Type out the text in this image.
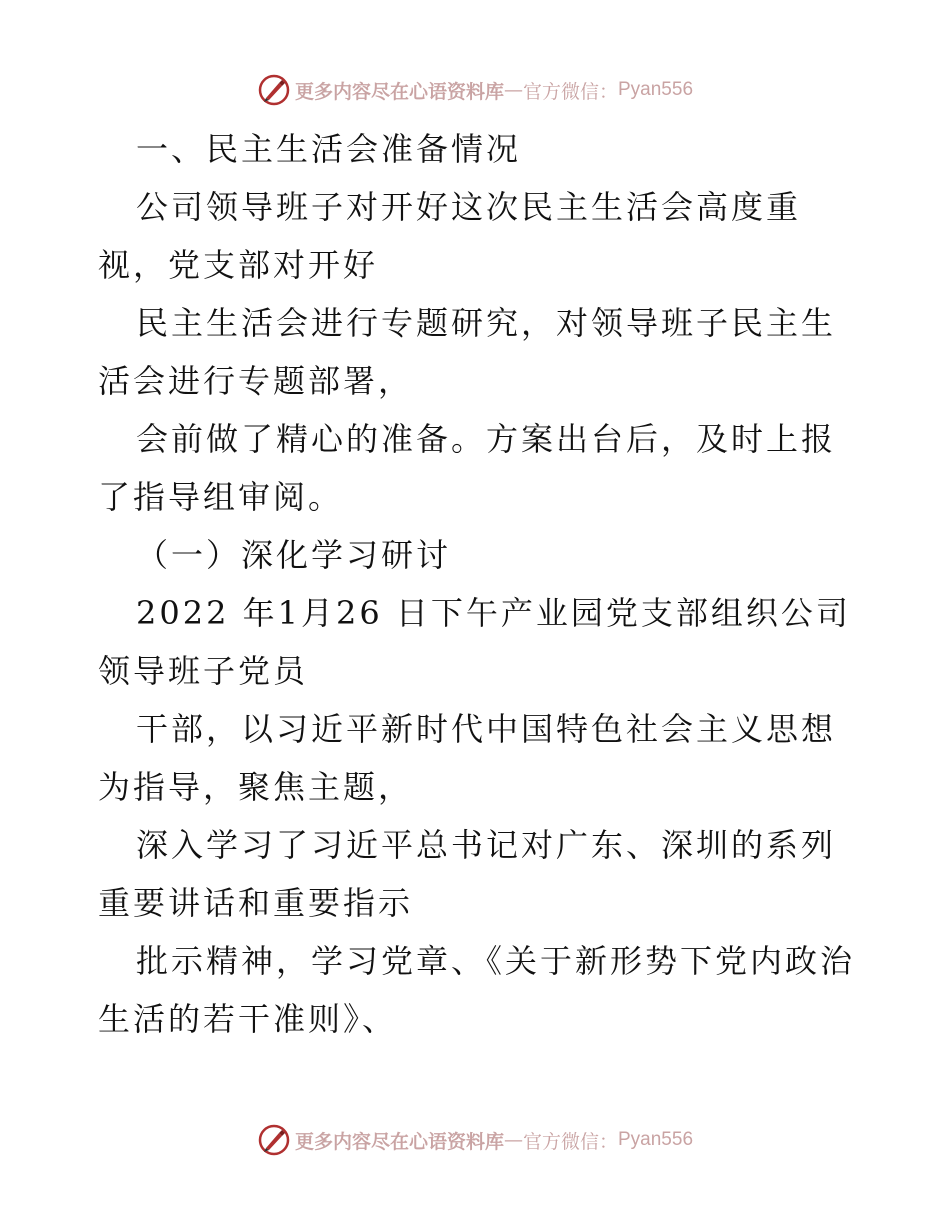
更多内容尽在心语资料库 — 官方微信： Pyan556

一、民主生活会准备情况

公司领导班子对开好这次民主生活会高度重视，党支部对开好

民主生活会进行专题研究，对领导班子民主生活会进行专题部署，

会前做了精心的准备。方案出台后，及时上报了指导组审阅。

（一）深化学习研讨

2022 年1月26 日下午产业园党支部组织公司领导班子党员

干部，以习近平新时代中国特色社会主义思想为指导，聚焦主题，

深入学习了习近平总书记对广东、深圳的系列重要讲话和重要指示

批示精神，学习党章、《关于新形势下党内政治生活的若干准则》、

更多内容尽在心语资料库 — 官方微信： Pyan556
